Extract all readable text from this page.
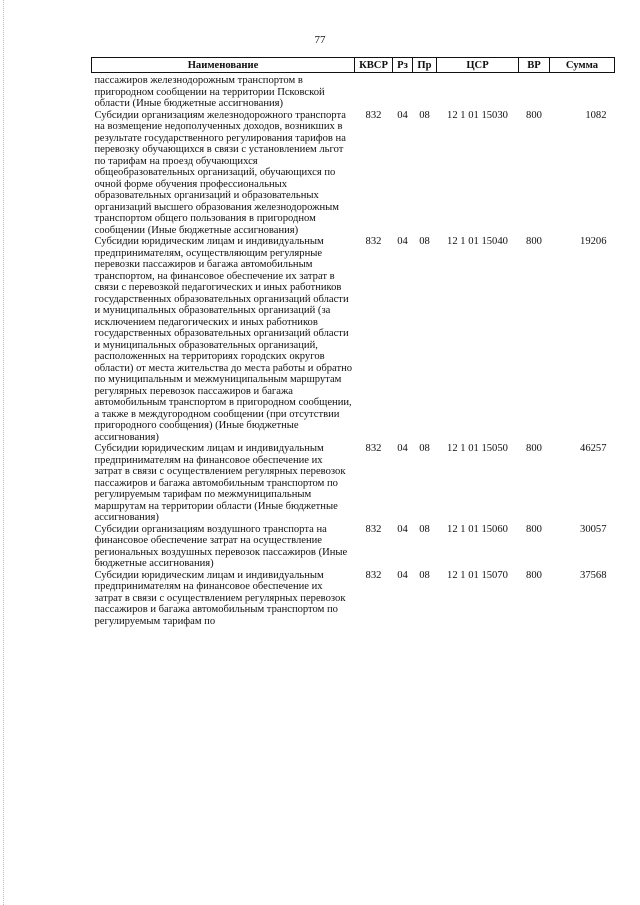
77
Наименование	КВСР	Рз	Пр	ЦСР	ВР	Сумма
пассажиров железнодорожным транспортом в пригородном сообщении на территории Псковской области (Иные бюджетные ассигнования)						
Субсидии организациям железнодорожного транспорта на возмещение недополученных доходов, возникших в результате государственного регулирования тарифов на перевозку обучающихся в связи с установлением льгот по тарифам на проезд обучающихся общеобразовательных организаций, обучающихся по очной форме обучения профессиональных образовательных организаций и образовательных организаций высшего образования железнодорожным транспортом общего пользования в пригородном сообщении (Иные бюджетные ассигнования)	832	04	08	12 1 01 15030	800	1082
Субсидии юридическим лицам и индивидуальным предпринимателям, осуществляющим регулярные перевозки пассажиров и багажа автомобильным транспортом, на финансовое обеспечение их затрат в связи с перевозкой педагогических и иных работников государственных образовательных организаций области и муниципальных образовательных организаций (за исключением педагогических и иных работников государственных образовательных организаций области и муниципальных образовательных организаций, расположенных на территориях городских округов области) от места жительства до места работы и обратно по муниципальным и межмуниципальным маршрутам регулярных перевозок пассажиров и багажа автомобильным транспортом в пригородном сообщении, а также в междугородном сообщении (при отсутствии пригородного сообщения) (Иные бюджетные ассигнования)	832	04	08	12 1 01 15040	800	19206
Субсидии юридическим лицам и индивидуальным предпринимателям на финансовое обеспечение их затрат в связи с осуществлением регулярных перевозок пассажиров и багажа автомобильным транспортом по регулируемым тарифам по межмуниципальным маршрутам на территории области (Иные бюджетные ассигнования)	832	04	08	12 1 01 15050	800	46257
Субсидии организациям воздушного транспорта на финансовое обеспечение затрат на осуществление региональных воздушных перевозок пассажиров (Иные бюджетные ассигнования)	832	04	08	12 1 01 15060	800	30057
Субсидии юридическим лицам и индивидуальным предпринимателям на финансовое обеспечение их затрат в связи с осуществлением регулярных перевозок пассажиров и багажа автомобильным транспортом по регулируемым тарифам по	832	04	08	12 1 01 15070	800	37568
